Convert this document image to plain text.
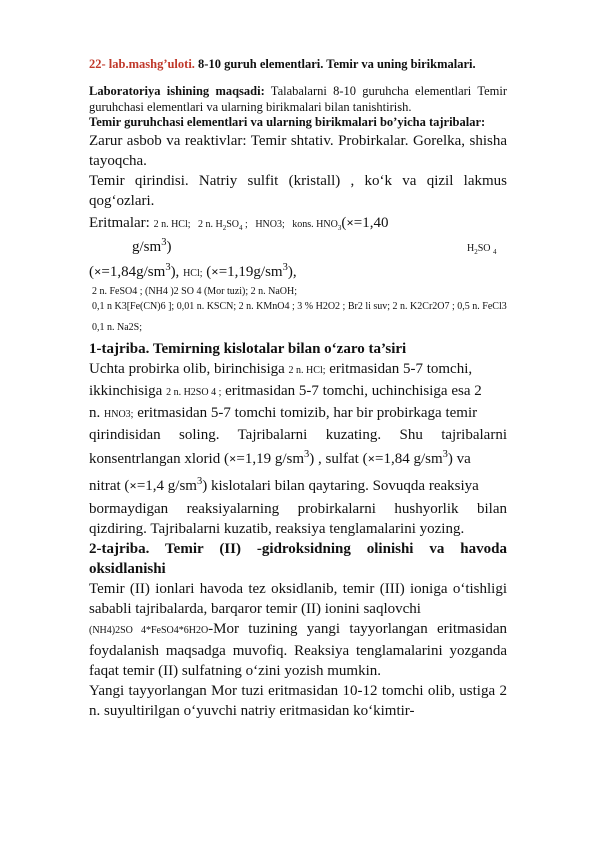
22- lab.mashg’uloti. 8-10 guruh elementlari. Temir va uning birikmalari.

Laboratoriya ishining maqsadi: Talabalarni 8-10 guruhcha elementlari Temir guruhchasi elementlari va ularning birikmalari bilan tanishtirish.

Temir guruhchasi elementlari va ularning birikmalari bo’yicha tajribalar:

Zarur asbob va reaktivlar: Temir shtativ. Probirkalar. Gorelka, shisha tayoqcha.

Temir qirindisi. Natriy sulfit (kristall) , ko‘k va qizil lakmus qog‘ozlari.

Eritmalar: 2 n. HCl; 2 n. $H_2SO_4$ ; HNO3; kons. $HNO_3(\times=1,40$

$g/sm^3$)	$H_2SO$ $_4$

$(\times=1,84g/sm^3)$, HCl; $(\times=1,19g/sm^3)$,

2 n. FeSO4 ; (NH4 )2 SO 4 (Mor tuzi); 2 n. NaOH;

0,1 n K3[Fe(CN)6 ]; 0,01 n. KSCN; 2 n. KMnO4 ; 3 % H2O2 ; Br2 li suv; 2 n. K2Cr2O7 ; 0,5 n. FeCl3

0,1 n. Na2S;

1-tajriba. Temirning kislotalar bilan o‘zaro ta’siri

Uchta probirka olib, birinchisiga 2 n. HCl; eritmasidan 5-7 tomchi,

ikkinchisiga 2 n. H2SO 4 ; eritmasidan 5-7 tomchi, uchinchisiga esa 2

n. HNO3; eritmasidan 5-7 tomchi tomizib, har bir probirkaga temir

qirindisidan soling. Tajribalarni kuzating. Shu tajribalarni

konsentrlangan xlorid (×=1,19 $g/sm^3$) , sulfat (×=1,84 $g/sm^3$) va

nitrat (×=1,4 $g/sm^3$) kislotalari bilan qaytaring. Sovuqda reaksiya

bormaydigan reaksiyalarning probirkalarni hushyorlik bilan qizdiring. Tajribalarni kuzatib, reaksiya tenglamalarini yozing.

2-tajriba. Temir (II) -gidroksidning olinishi va havoda oksidlanishi

Temir (II) ionlari havoda tez oksidlanib, temir (III) ioniga o‘tishligi sababli tajribalarda, barqaror temir (II) ionini saqlovchi

(NH4)2SO 4*FeSO4*6H2O-Mor tuzining yangi tayyorlangan eritmasidan foydalanish maqsadga muvofiq. Reaksiya tenglamalarini yozganda faqat temir (II) sulfatning o‘zini yozish mumkin.

Yangi tayyorlangan Mor tuzi eritmasidan 10-12 tomchi olib, ustiga 2 n. suyultirilgan o‘yuvchi natriy eritmasidan ko‘kimtir-
